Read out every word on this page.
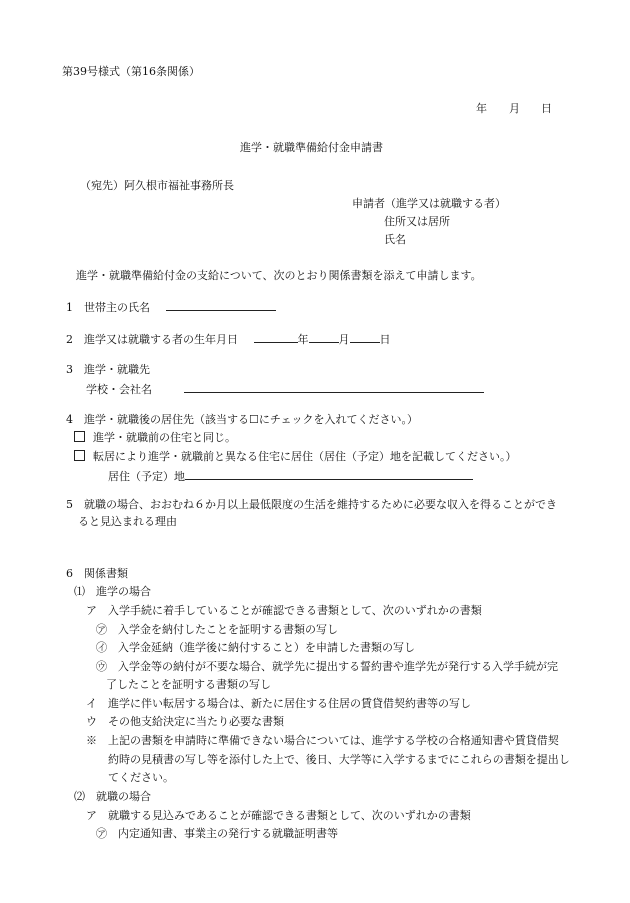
第39号様式（第16条関係）
年 月 日
進学・就職準備給付金申請書
（宛先）阿久根市福祉事務所長
申請者（進学又は就職する者）
住所又は居所
氏名
進学・就職準備給付金の支給について、次のとおり関係書類を添えて申請します。
1　世帯主の氏名
2　進学又は就職する者の生年月日	年	月	日
3　進学・就職先
学校・会社名
4　進学・就職後の居住先（該当する☐にチェックを入れてください。）
進学・就職前の住宅と同じ。
転居により進学・就職前と異なる住宅に居住（居住（予定）地を記載してください。）
居住（予定）地
5　就職の場合、おおむね６か月以上最低限度の生活を維持するために必要な収入を得ることができ
ると見込まれる理由
6　関係書類
⑴　進学の場合
ア　入学手続に着手していることが確認できる書類として、次のいずれかの書類
㋐　入学金を納付したことを証明する書類の写し
㋑　入学金延納（進学後に納付すること）を申請した書類の写し
㋒　入学金等の納付が不要な場合、就学先に提出する誓約書や進学先が発行する入学手続が完
了したことを証明する書類の写し
イ　進学に伴い転居する場合は、新たに居住する住居の賃貸借契約書等の写し
ウ　その他支給決定に当たり必要な書類
※　上記の書類を申請時に準備できない場合については、進学する学校の合格通知書や賃貸借契
約時の見積書の写し等を添付した上で、後日、大学等に入学するまでにこれらの書類を提出し
てください。
⑵　就職の場合
ア　就職する見込みであることが確認できる書類として、次のいずれかの書類
㋐　内定通知書、事業主の発行する就職証明書等
